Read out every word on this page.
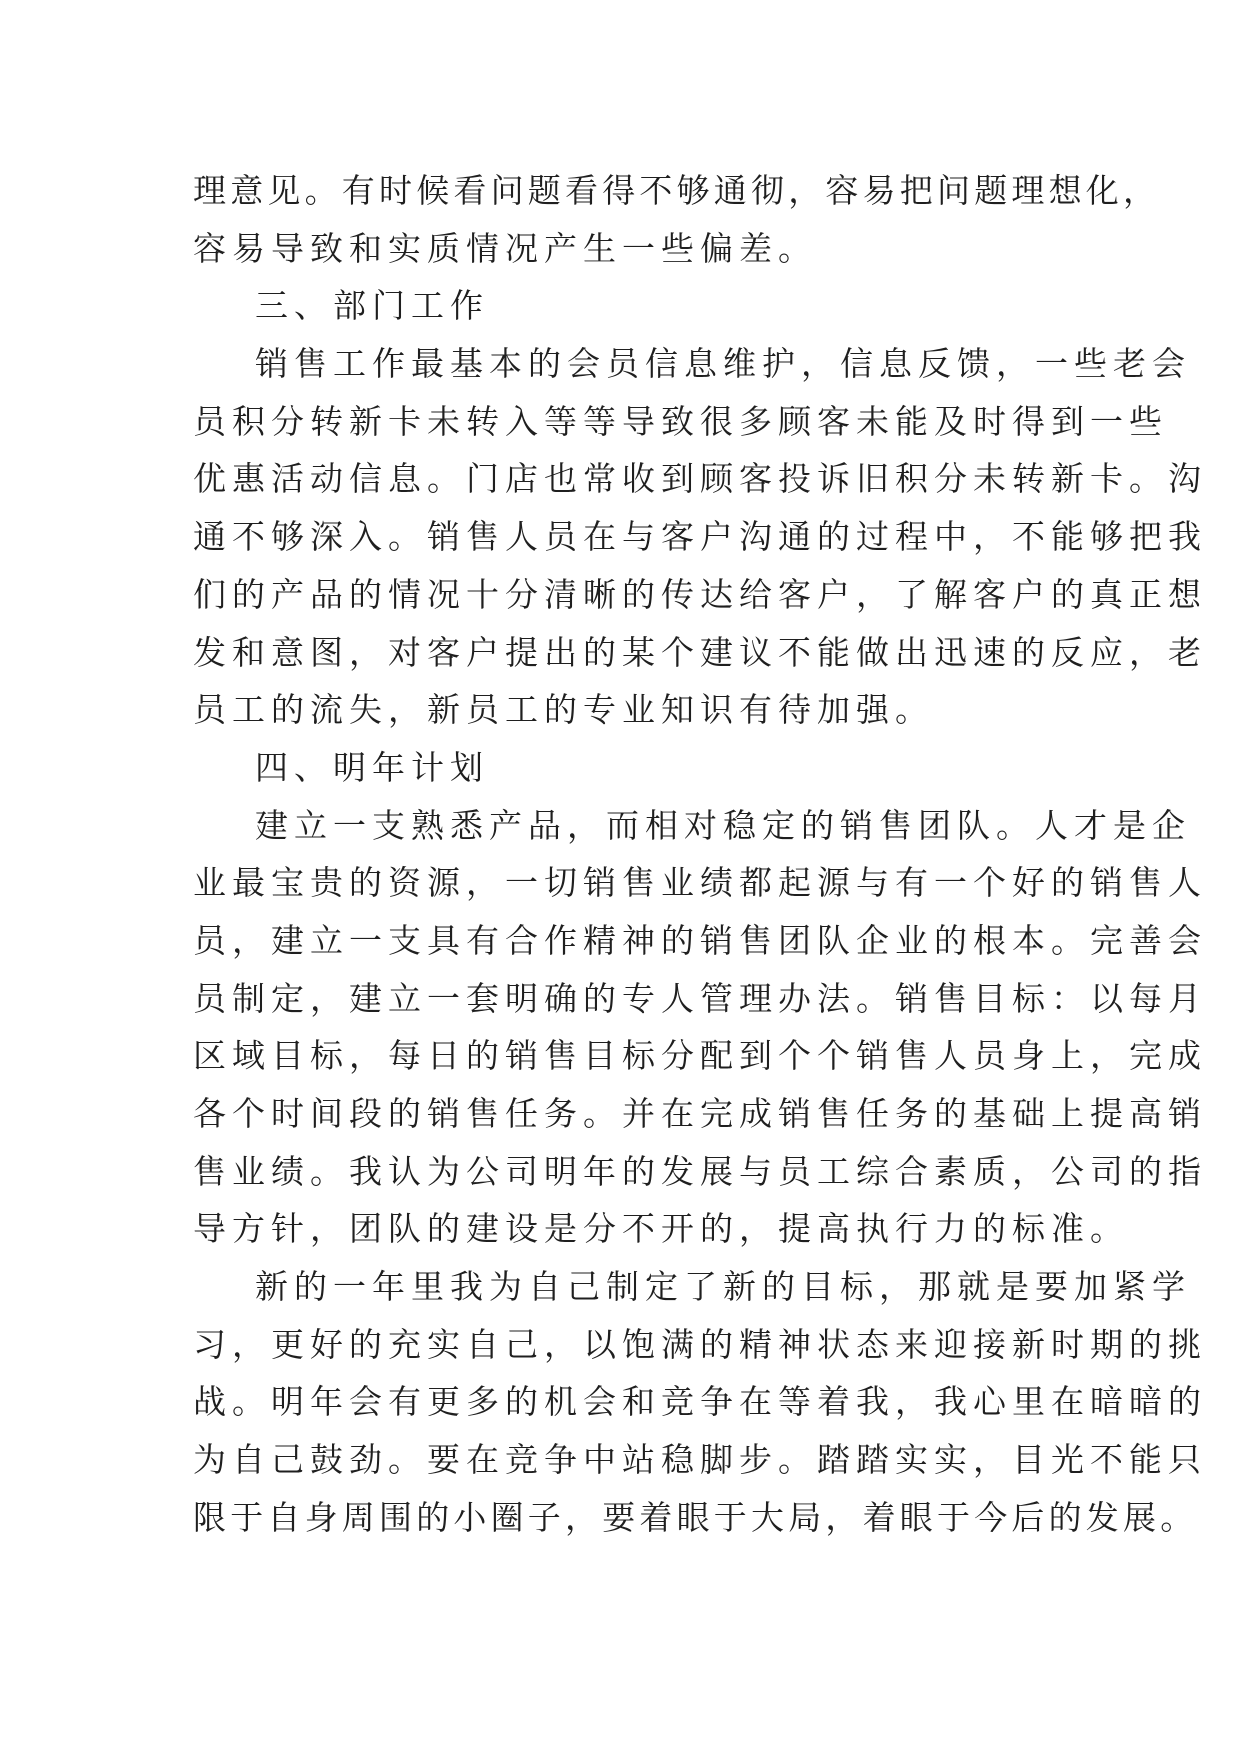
理意见。有时候看问题看得不够通彻，容易把问题理想化，
容易导致和实质情况产生一些偏差。
三、部门工作
销售工作最基本的会员信息维护，信息反馈，一些老会
员积分转新卡未转入等等导致很多顾客未能及时得到一些
优惠活动信息。门店也常收到顾客投诉旧积分未转新卡。沟
通不够深入。销售人员在与客户沟通的过程中，不能够把我
们的产品的情况十分清晰的传达给客户，了解客户的真正想
发和意图，对客户提出的某个建议不能做出迅速的反应，老
员工的流失，新员工的专业知识有待加强。
四、明年计划
建立一支熟悉产品，而相对稳定的销售团队。人才是企
业最宝贵的资源，一切销售业绩都起源与有一个好的销售人
员，建立一支具有合作精神的销售团队企业的根本。完善会
员制定，建立一套明确的专人管理办法。销售目标：以每月
区域目标，每日的销售目标分配到个个销售人员身上，完成
各个时间段的销售任务。并在完成销售任务的基础上提高销
售业绩。我认为公司明年的发展与员工综合素质，公司的指
导方针，团队的建设是分不开的，提高执行力的标准。
新的一年里我为自己制定了新的目标，那就是要加紧学
习，更好的充实自己，以饱满的精神状态来迎接新时期的挑
战。明年会有更多的机会和竞争在等着我，我心里在暗暗的
为自己鼓劲。要在竞争中站稳脚步。踏踏实实，目光不能只
限于自身周围的小圈子，要着眼于大局，着眼于今后的发展。
